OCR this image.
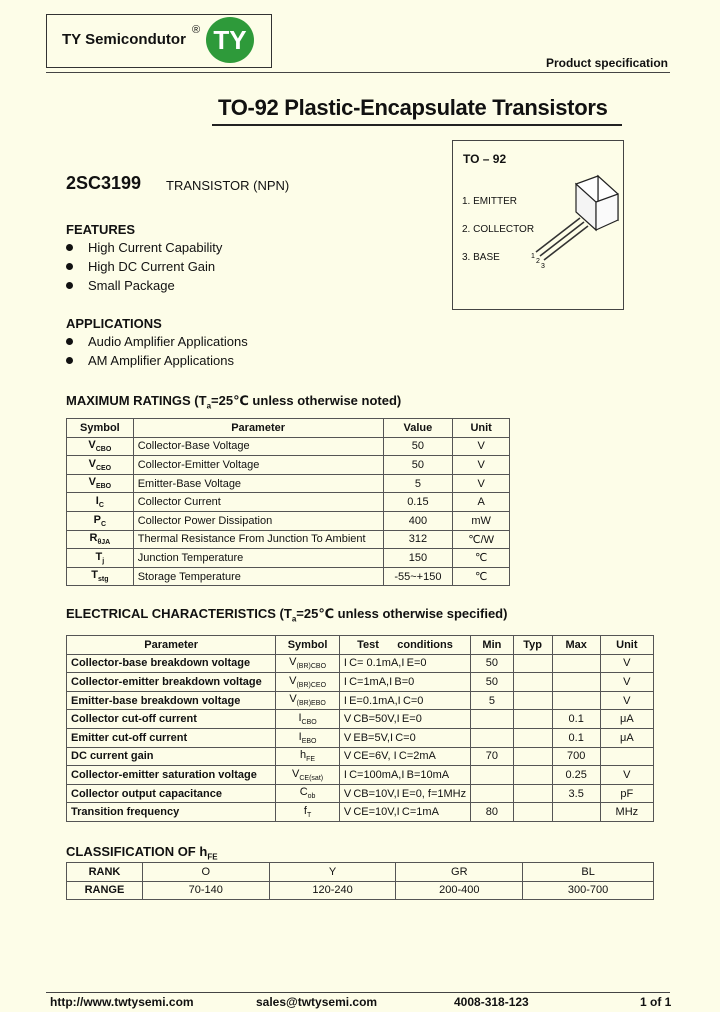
TY Semicondutor
® TY
Product specification
TO-92 Plastic-Encapsulate Transistors
TO – 92
1. EMITTER
2. COLLECTOR
3. BASE	1
2
3
2SC3199 TRANSISTOR (NPN)
FEATURES
High Current Capability
High DC Current Gain
Small Package
APPLICATIONS
Audio Amplifier Applications
AM Amplifier Applications
MAXIMUM RATINGS ($T_a=25℃$ unless otherwise noted)
Symbol	Parameter	Value	Unit
$V_{CBO}$	Collector-Base Voltage	50	V
$V_{CEO}$	Collector-Emitter Voltage	50	V
$V_{EBO}$	Emitter-Base Voltage	5	V
$I_C$	Collector Current	0.15	A
$P_C$	Collector Power Dissipation	400	mW
$R_{\theta JA}$	Thermal Resistance From Junction To Ambient	312	℃/W
$T_j$	Junction Temperature	150	℃
$T_{stg}$	Storage Temperature	-55~+150	℃
ELECTRICAL CHARACTERISTICS ($T_a=25℃$ unless otherwise specified)
Parameter	Symbol	Test      conditions	Min	Typ	Max	Unit
Collector-base breakdown voltage	$V_{(BR)CBO}$	I C= 0.1mA,I E=0	50			V
Collector-emitter breakdown voltage	$V_{(BR)CEO}$	I C=1mA,I B=0	50			V
Emitter-base breakdown voltage	$V_{(BR)EBO}$	I E=0.1mA,I C=0	5			V
Collector cut-off current	$I_{CBO}$	V CB=50V,I E=0			0.1	μA
Emitter cut-off current	$I_{EBO}$	V EB=5V,I C=0			0.1	μA
DC current gain	$h_{FE}$	V CE=6V, I C=2mA	70		700	
Collector-emitter saturation voltage	$V_{CE(sat)}$	I C=100mA,I B=10mA			0.25	V
Collector output capacitance	$C_{ob}$	V CB=10V,I E=0, f=1MHz			3.5	pF
Transition frequency	$f_T$	V CE=10V,I C=1mA	80			MHz
CLASSIFICATION OF $h_{FE}$
RANK	O	Y	GR	BL
RANGE	70-140	120-240	200-400	300-700
http://www.twtysemi.com	sales@twtysemi.com	4008-318-123	1 of 1
